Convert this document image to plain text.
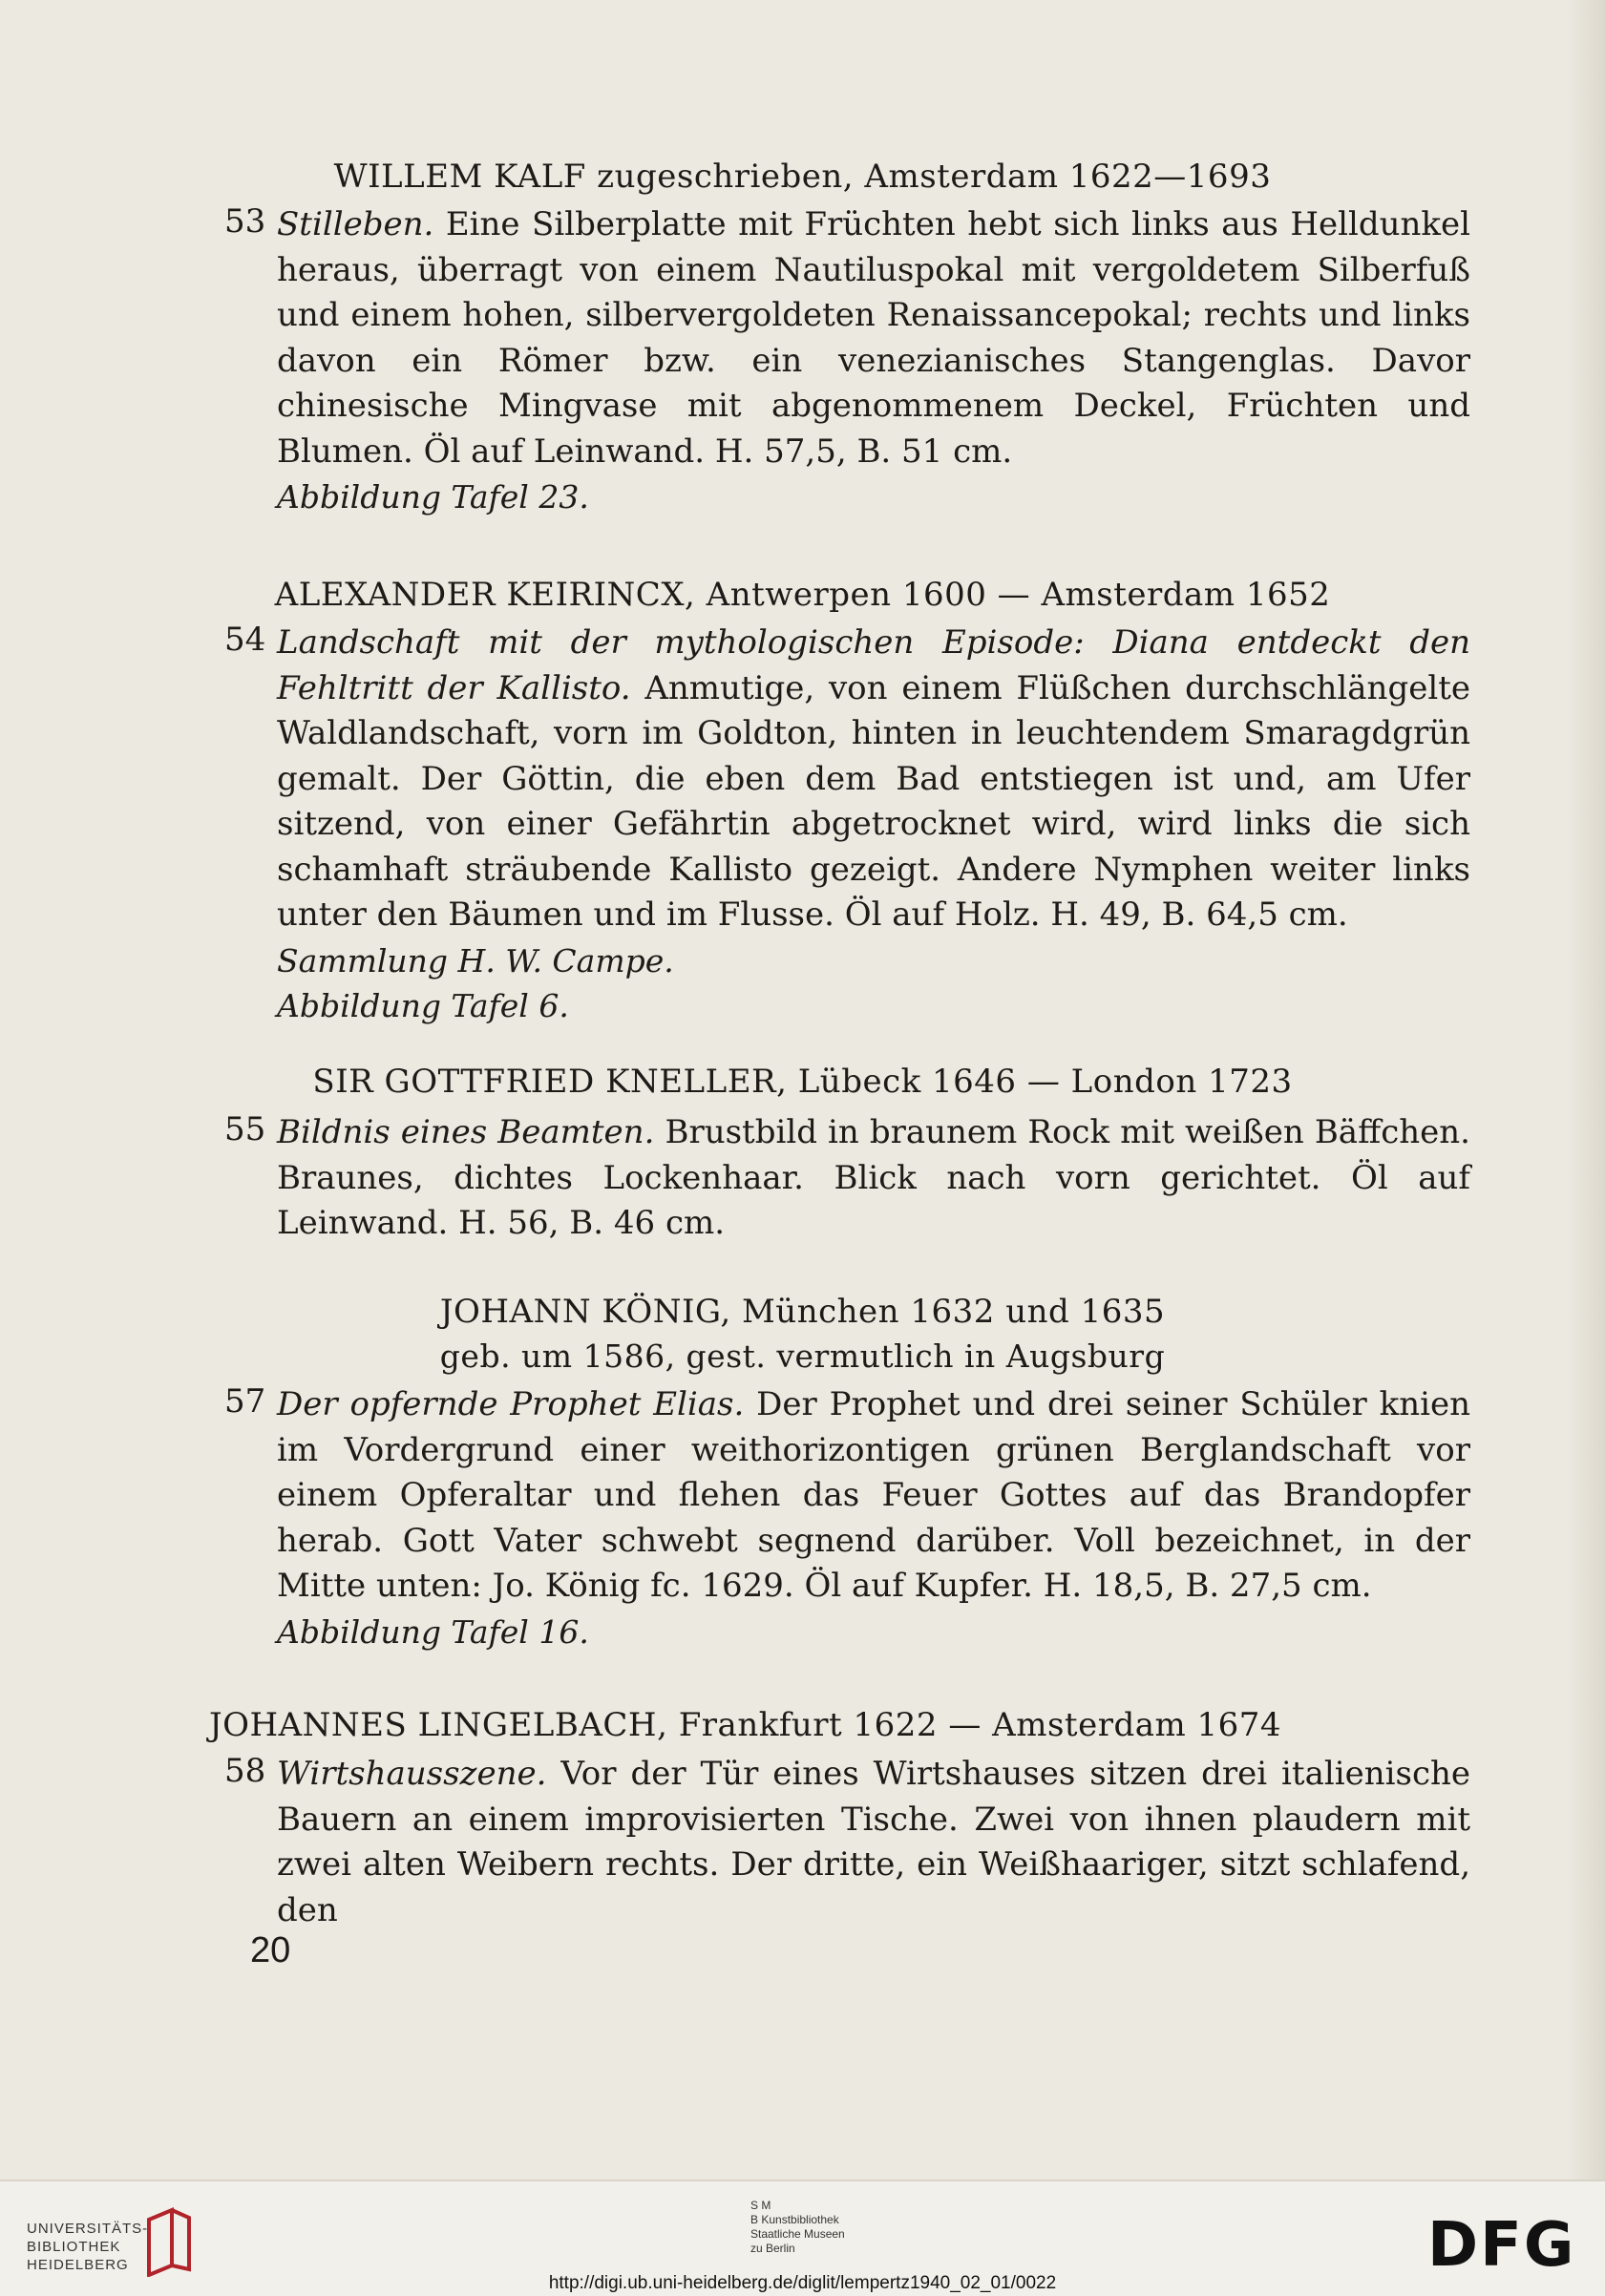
WILLEM KALF zugeschrieben, Amsterdam 1622—1693
53 Stilleben. Eine Silberplatte mit Früchten hebt sich links aus Helldunkel heraus, überragt von einem Nautiluspokal mit vergoldetem Silberfuß und einem hohen, silbervergoldeten Renaissancepokal; rechts und links davon ein Römer bzw. ein venezianisches Stangenglas. Davor chinesische Mingvase mit abgenommenem Deckel, Früchten und Blumen. Öl auf Leinwand. H. 57,5, B. 51 cm.
Abbildung Tafel 23.
ALEXANDER KEIRINCX, Antwerpen 1600 — Amsterdam 1652
54 Landschaft mit der mythologischen Episode: Diana entdeckt den Fehltritt der Kallisto. Anmutige, von einem Flüßchen durchschlängelte Waldlandschaft, vorn im Goldton, hinten in leuchtendem Smaragdgrün gemalt. Der Göttin, die eben dem Bad entstiegen ist und, am Ufer sitzend, von einer Gefährtin abgetrocknet wird, wird links die sich schamhaft sträubende Kallisto gezeigt. Andere Nymphen weiter links unter den Bäumen und im Flusse. Öl auf Holz. H. 49, B. 64,5 cm.
Sammlung H. W. Campe.
Abbildung Tafel 6.
SIR GOTTFRIED KNELLER, Lübeck 1646 — London 1723
55 Bildnis eines Beamten. Brustbild in braunem Rock mit weißen Bäffchen. Braunes, dichtes Lockenhaar. Blick nach vorn gerichtet. Öl auf Leinwand. H. 56, B. 46 cm.
JOHANN KÖNIG, München 1632 und 1635
geb. um 1586, gest. vermutlich in Augsburg
57 Der opfernde Prophet Elias. Der Prophet und drei seiner Schüler knien im Vordergrund einer weithorizontigen grünen Berglandschaft vor einem Opferaltar und flehen das Feuer Gottes auf das Brandopfer herab. Gott Vater schwebt segnend darüber. Voll bezeichnet, in der Mitte unten: Jo. König fc. 1629. Öl auf Kupfer. H. 18,5, B. 27,5 cm.
Abbildung Tafel 16.
JOHANNES LINGELBACH, Frankfurt 1622 — Amsterdam 1674
58 Wirtshausszene. Vor der Tür eines Wirtshauses sitzen drei italienische Bauern an einem improvisierten Tische. Zwei von ihnen plaudern mit zwei alten Weibern rechts. Der dritte, ein Weißhaariger, sitzt schlafend, den
20
UNIVERSITÄTS-
BIBLIOTHEK
HEIDELBERG
S M
B Kunstbibliothek
Staatliche Museen
zu Berlin	DFG
http://digi.ub.uni-heidelberg.de/diglit/lempertz1940_02_01/0022
